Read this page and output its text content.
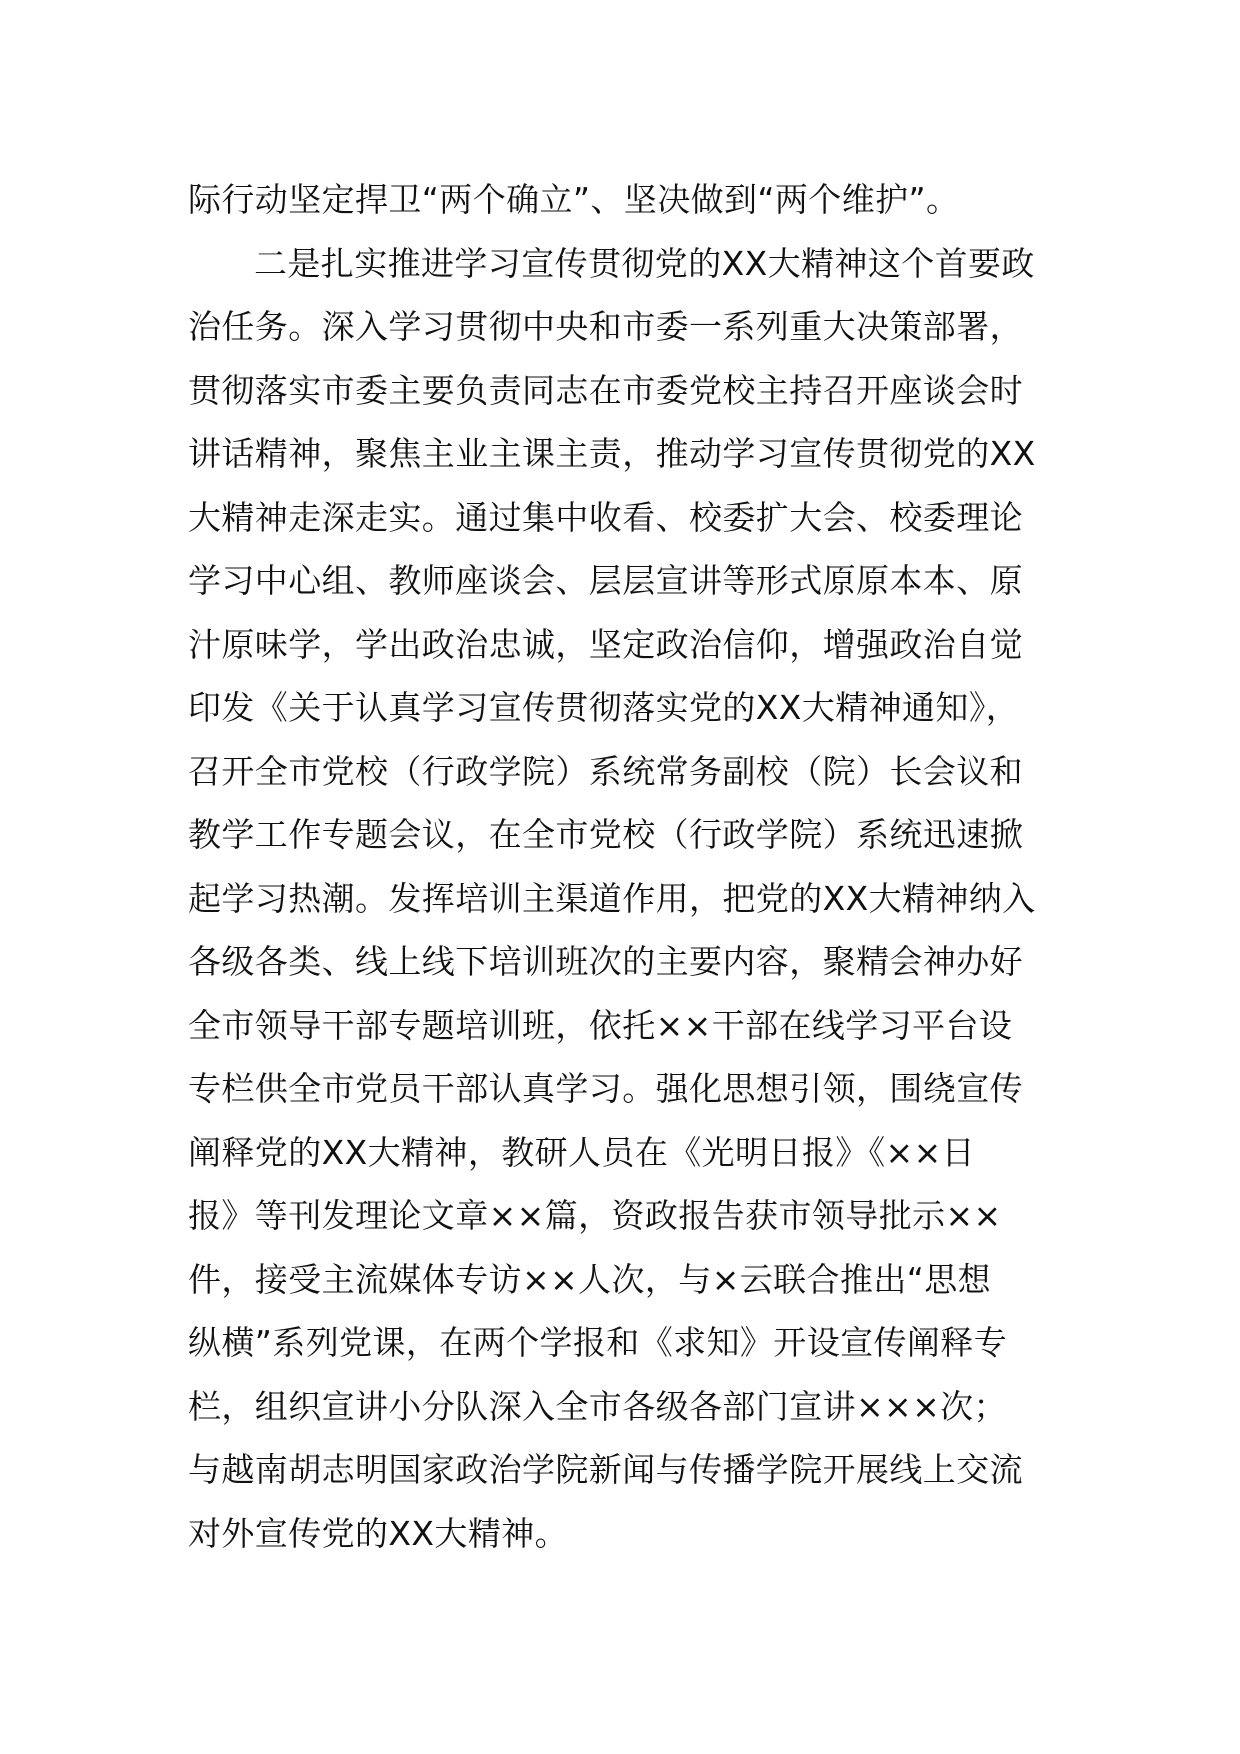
际行动坚定捍卫“两个确立”、坚决做到“两个维护”。
二是扎实推进学习宣传贯彻党的XX大精神这个首要政
治任务。深入学习贯彻中央和市委一系列重大决策部署，
贯彻落实市委主要负责同志在市委党校主持召开座谈会时
讲话精神，聚焦主业主课主责，推动学习宣传贯彻党的XX
大精神走深走实。通过集中收看、校委扩大会、校委理论
学习中心组、教师座谈会、层层宣讲等形式原原本本、原
汁原味学，学出政治忠诚，坚定政治信仰，增强政治自觉
印发《关于认真学习宣传贯彻落实党的XX大精神通知》，
召开全市党校（行政学院）系统常务副校（院）长会议和
教学工作专题会议，在全市党校（行政学院）系统迅速掀
起学习热潮。发挥培训主渠道作用，把党的XX大精神纳入
各级各类、线上线下培训班次的主要内容，聚精会神办好
全市领导干部专题培训班，依托××干部在线学习平台设
专栏供全市党员干部认真学习。强化思想引领，围绕宣传
阐释党的XX大精神，教研人员在《光明日报》《××日
报》等刊发理论文章××篇，资政报告获市领导批示××
件，接受主流媒体专访××人次，与×云联合推出“思想
纵横”系列党课，在两个学报和《求知》开设宣传阐释专
栏，组织宣讲小分队深入全市各级各部门宣讲×××次；
与越南胡志明国家政治学院新闻与传播学院开展线上交流
对外宣传党的XX大精神。
